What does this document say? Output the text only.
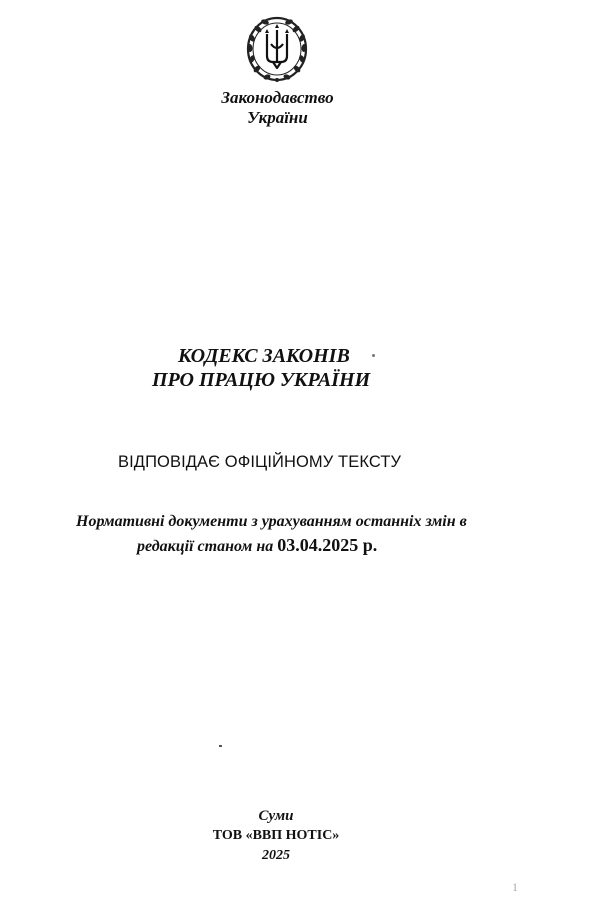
Законодавство
України
КОДЕКС ЗАКОНІВ
ПРО ПРАЦЮ УКРАЇНИ
ВІДПОВІДАЄ ОФІЦІЙНОМУ ТЕКСТУ
Нормативні документи з урахуванням останніх змін в
редакції станом на 03.04.2025 р.
Суми
ТОВ «ВВП НОТІС»
2025
1
